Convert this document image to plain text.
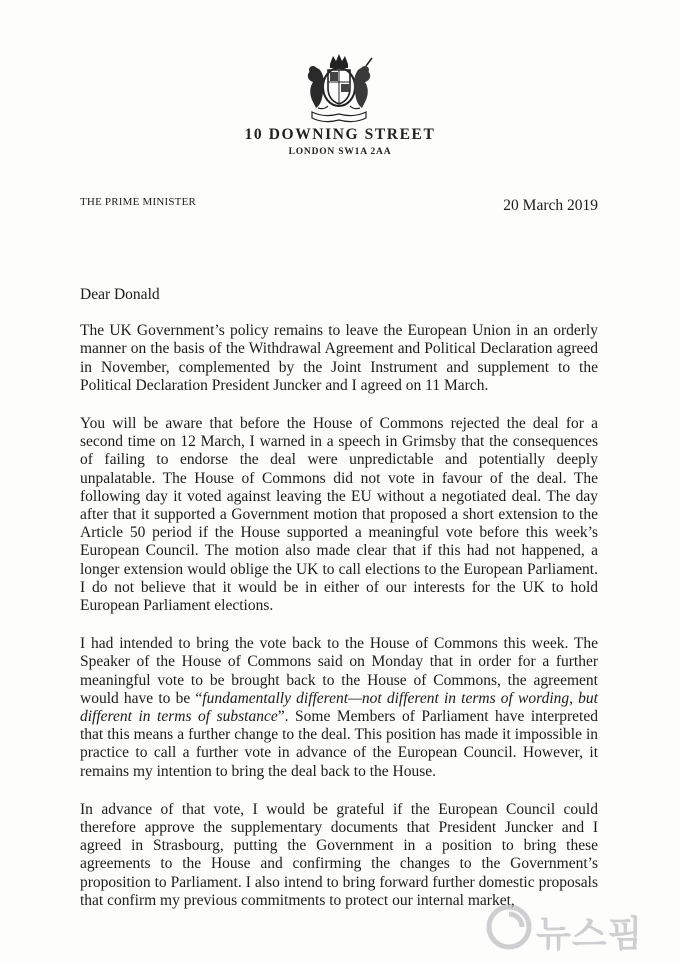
10 DOWNING STREET
LONDON SW1A 2AA
THE PRIME MINISTER	20 March 2019

Dear Donald

The UK Government’s policy remains to leave the European Union in an orderly manner on the basis of the Withdrawal Agreement and Political Declaration agreed in November, complemented by the Joint Instrument and supplement to the Political Declaration President Juncker and I agreed on 11 March.

You will be aware that before the House of Commons rejected the deal for a second time on 12 March, I warned in a speech in Grimsby that the consequences of failing to endorse the deal were unpredictable and potentially deeply unpalatable. The House of Commons did not vote in favour of the deal. The following day it voted against leaving the EU without a negotiated deal. The day after that it supported a Government motion that proposed a short extension to the Article 50 period if the House supported a meaningful vote before this week’s European Council. The motion also made clear that if this had not happened, a longer extension would oblige the UK to call elections to the European Parliament. I do not believe that it would be in either of our interests for the UK to hold European Parliament elections.

I had intended to bring the vote back to the House of Commons this week. The Speaker of the House of Commons said on Monday that in order for a further meaningful vote to be brought back to the House of Commons, the agreement would have to be “fundamentally different—not different in terms of wording, but different in terms of substance”. Some Members of Parliament have interpreted that this means a further change to the deal. This position has made it impossible in practice to call a further vote in advance of the European Council. However, it remains my intention to bring the deal back to the House.

In advance of that vote, I would be grateful if the European Council could therefore approve the supplementary documents that President Juncker and I agreed in Strasbourg, putting the Government in a position to bring these agreements to the House and confirming the changes to the Government’s proposition to Parliament. I also intend to bring forward further domestic proposals that confirm my previous commitments to protect our internal market,

뉴스핌
